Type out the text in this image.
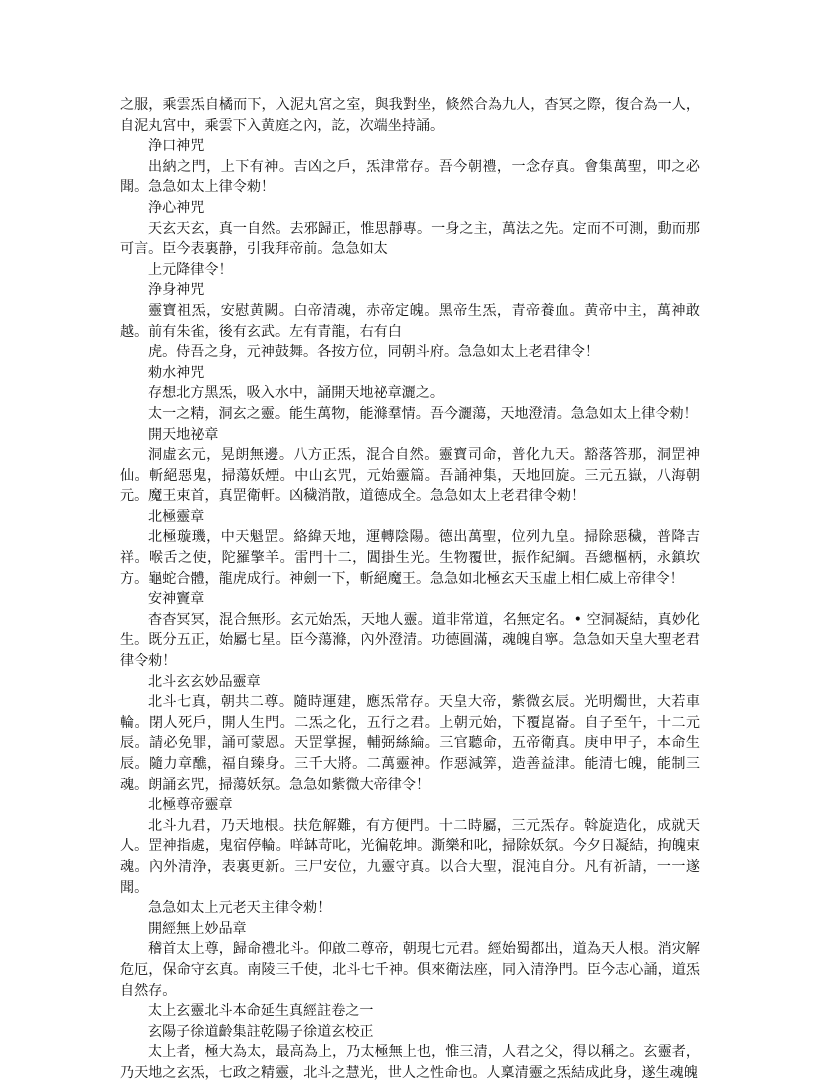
之服，乘雲炁自橘而下，入泥丸宮之室，與我對坐，倐然合為九人，杳冥之際，復合為一人，自泥丸宮中，乘雲下入黄庭之內，訖，次端坐持誦。

浄口神咒

出納之門，上下有神。吉凶之戶，炁津常存。吾今朝禮，一念存真。會集萬聖，叩之必聞。急急如太上律令勑！

浄心神咒

天玄天玄，真一自然。去邪歸正，惟思靜專。一身之主，萬法之先。定而不可測，動而那可言。臣今表裏静，引我拜帝前。急急如太

上元降律令！

浄身神咒

靈寶祖炁，安慰黄闕。白帝清魂，赤帝定魄。黑帝生炁，青帝養血。黄帝中主，萬神敢越。前有朱雀，後有玄武。左有青龍，右有白

虎。侍吾之身，元神鼓舞。各按方位，同朝斗府。急急如太上老君律令！

勑水神咒

存想北方黑炁，吸入水中，誦開天地祕章灑之。

太一之精，洞玄之靈。能生萬物，能滌羣情。吾今灑蕩，天地澄清。急急如太上律令勑！

開天地祕章

洞虛玄元，晃朗無邊。八方正炁，混合自然。靈寶司命，普化九天。豁落答那，洞罡神仙。斬絕惡鬼，掃蕩妖煙。中山玄咒，元始靈篇。吾誦神集，天地回旋。三元五嶽，八海朝元。魔王束首，真罡衛軒。凶穢消散，道德成全。急急如太上老君律令勑！

北極靈章

北極璇璣，中天魁罡。絡緯天地，運轉陰陽。德出萬聖，位列九皇。掃除惡穢，普降吉祥。喉舌之使，陀羅擎羊。雷門十二，閶掛生光。生物覆世，振作紀綱。吾總樞柄，永鎮坎方。龜蛇合體，龍虎成行。神劍一下，斬絕魔王。急急如北極玄天玉虛上相仁威上帝律令！

安神竇章

杳杳冥冥，混合無形。玄元始炁，天地人靈。道非常道，名無定名。• 空洞凝結，真妙化生。既分五正，始屬七星。臣今蕩滌，內外澄清。功德圓滿，魂魄自寧。急急如天皇大聖老君律令勑！

北斗玄玄妙品靈章

北斗七真，朝共二尊。隨時運建，應炁常存。天皇大帝，紫微玄辰。光明燭世，大若車輪。閉人死戶，開人生門。二炁之化，五行之君。上朝元始，下覆崑崙。自子至午，十二元辰。請必免罪，誦可蒙恩。天罡掌握，輔弼絲綸。三官聽命，五帝衛真。庚申甲子，本命生辰。隨力章醮，福自臻身。三千大將。二萬靈神。作惡減筭，造善益津。能清七魄，能制三魂。朗誦玄咒，掃蕩妖氛。急急如紫微大帝律令！

北極尊帝靈章

北斗九君，乃天地根。扶危解難，有方便門。十二時屬，三元炁存。斡旋造化，成就天人。罡神指處，鬼宿停輪。咩缽苛叱，光徧乾坤。澌樂和叱，掃除妖氛。今夕日凝結，拘魄束魂。內外清浄，表裏更新。三尸安位，九靈守真。以合大聖，混沌自分。凡有祈請，一一遂聞。

急急如太上元老天主律令勑！

開經無上妙品章

稽首太上尊，歸命禮北斗。仰啟二尊帝，朝現七元君。經始蜀都出，道為天人根。消灾解危厄，保命守玄真。南陵三千使，北斗七千神。俱來衛法座，同入清浄門。臣今志心誦，道炁自然存。

太上玄靈北斗本命延生真經註卷之一

玄陽子徐道齡集註乾陽子徐道玄校正

太上者，極大為太，最高為上，乃太極無上也，惟三清，人君之父，得以稱之。玄靈者，乃天地之玄炁，七政之精靈，北斗之慧光，世人之性命也。人稟清靈之炁結成此身，遂生魂魄
